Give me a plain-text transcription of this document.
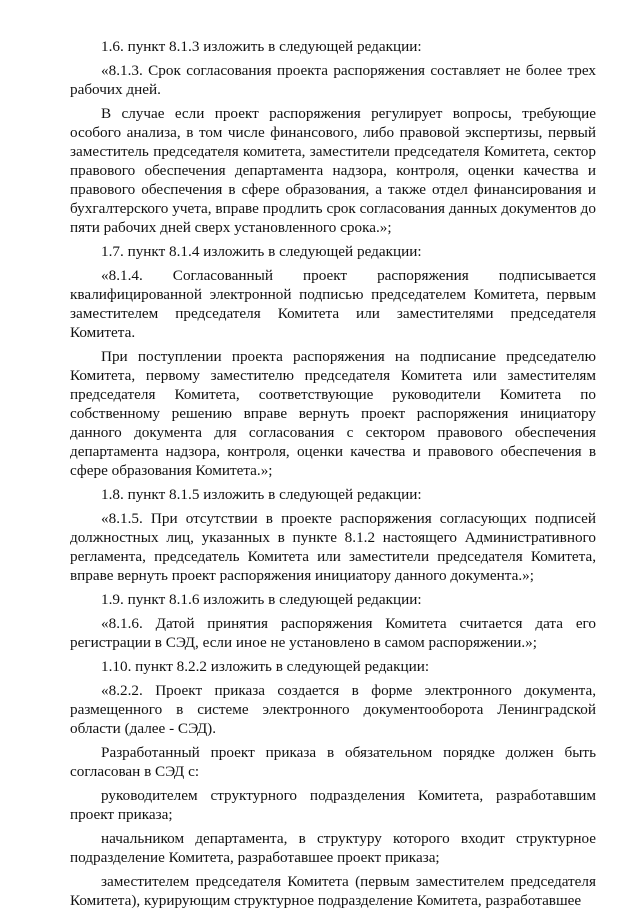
1.6. пункт 8.1.3 изложить в следующей редакции:

«8.1.3. Срок согласования проекта распоряжения составляет не более трех рабочих дней.

В случае если проект распоряжения регулирует вопросы, требующие особого анализа, в том числе финансового, либо правовой экспертизы, первый заместитель председателя комитета, заместители председателя Комитета, сектор правового обеспечения департамента надзора, контроля, оценки качества и правового обеспечения в сфере образования, а также отдел финансирования и бухгалтерского учета, вправе продлить срок согласования данных документов до пяти рабочих дней сверх установленного срока.»;

1.7. пункт 8.1.4 изложить в следующей редакции:

«8.1.4. Согласованный проект распоряжения подписывается квалифицированной электронной подписью председателем Комитета, первым заместителем председателя Комитета или заместителями председателя Комитета.

При поступлении проекта распоряжения на подписание председателю Комитета, первому заместителю председателя Комитета или заместителям председателя Комитета, соответствующие руководители Комитета по собственному решению вправе вернуть проект распоряжения инициатору данного документа для согласования с сектором правового обеспечения департамента надзора, контроля, оценки качества и правового обеспечения в сфере образования Комитета.»;

1.8. пункт 8.1.5 изложить в следующей редакции:

«8.1.5. При отсутствии в проекте распоряжения согласующих подписей должностных лиц, указанных в пункте 8.1.2 настоящего Административного регламента, председатель Комитета или заместители председателя Комитета, вправе вернуть проект распоряжения инициатору данного документа.»;

1.9. пункт 8.1.6 изложить в следующей редакции:

«8.1.6. Датой принятия распоряжения Комитета считается дата его регистрации в СЭД, если иное не установлено в самом распоряжении.»;

1.10. пункт 8.2.2 изложить в следующей редакции:

«8.2.2. Проект приказа создается в форме электронного документа, размещенного в системе электронного документооборота Ленинградской области (далее - СЭД).

Разработанный проект приказа в обязательном порядке должен быть согласован в СЭД с:

руководителем структурного подразделения Комитета, разработавшим проект приказа;

начальником департамента, в структуру которого входит структурное подразделение Комитета, разработавшее проект приказа;

заместителем председателя Комитета (первым заместителем председателя Комитета), курирующим структурное подразделение Комитета, разработавшее
